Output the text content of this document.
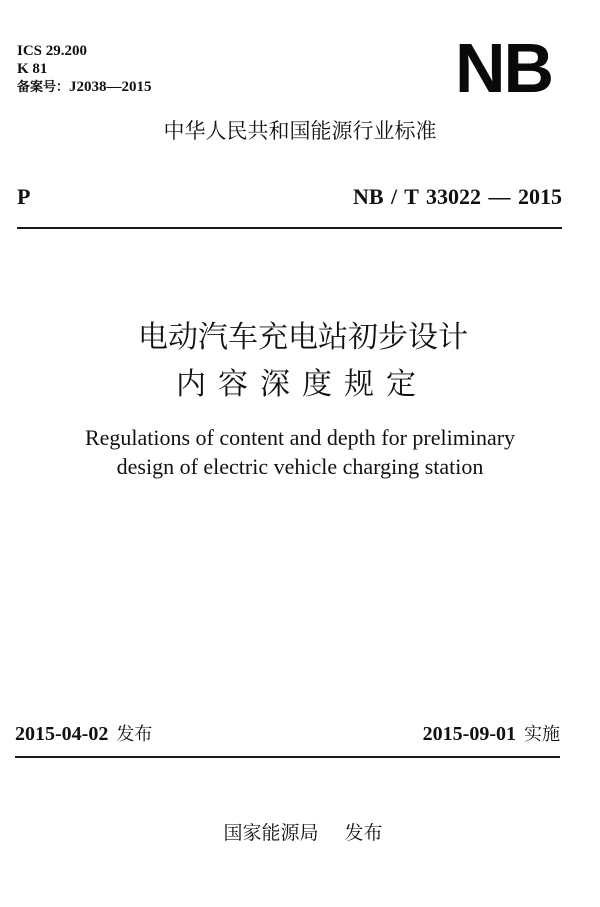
ICS 29.200
K 81
备案号：J2038—2015	NB
中华人民共和国能源行业标准
P	NB / T 33022 — 2015
电动汽车充电站初步设计
内容深度规定
Regulations of content and depth for preliminary
design of electric vehicle charging station
2015-04-02 发布	2015-09-01 实施
国家能源局 发布
